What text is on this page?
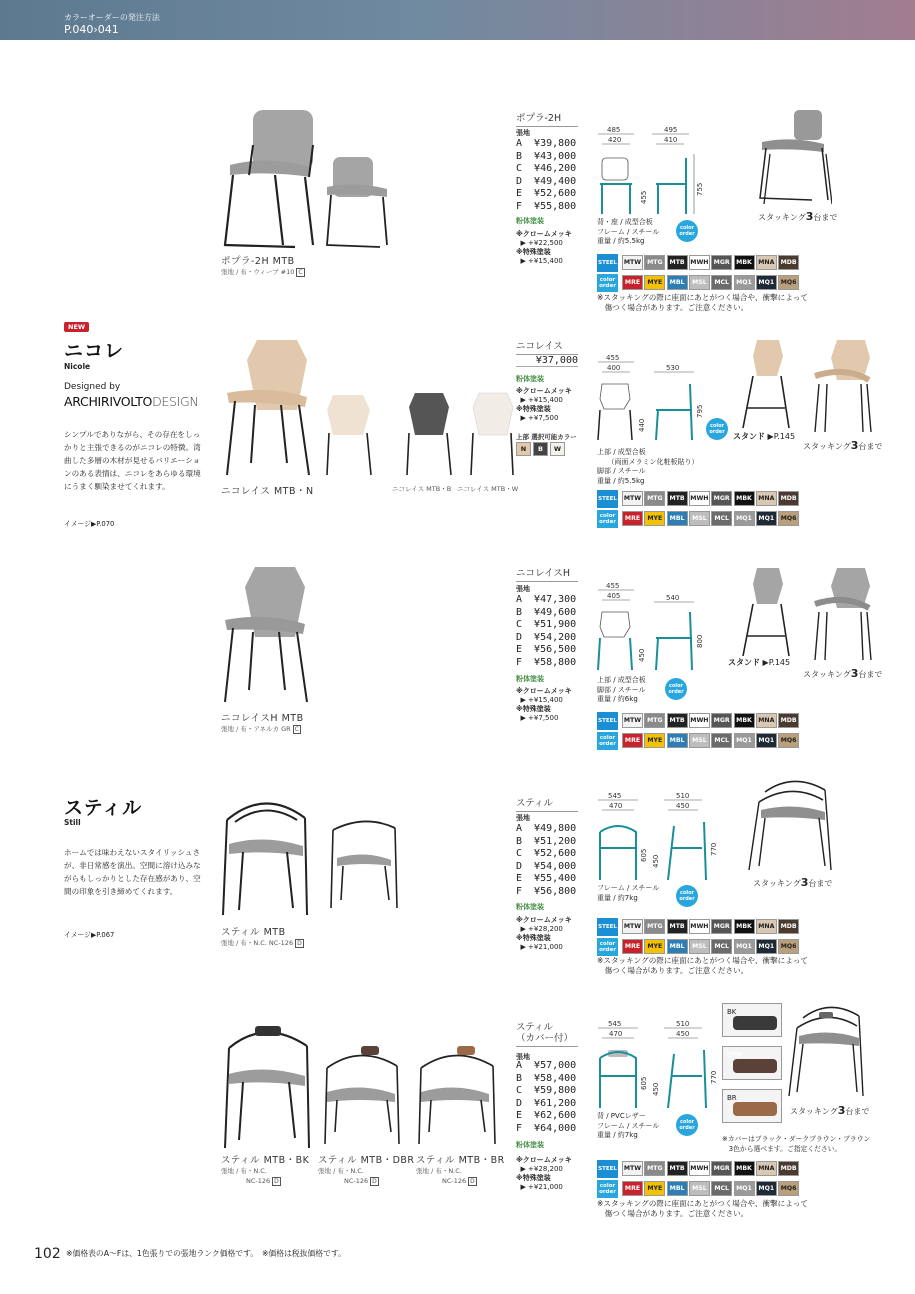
カラーオーダーの発注方法
P.040›041
ポプラ-2H MTB
張地 / 布・ウィーブ #10 C
ポプラ-2H
張地
A  ¥39,800
B  ¥43,000
C  ¥46,200
D  ¥49,400
E  ¥52,600
F  ¥55,800
粉体塗装
※クロームメッキ
▶ +¥22,500
※特殊塗装
▶ +¥15,400
485
420
495
410
455
755
color order
背・座 / 成型合板
フレーム / スチール
重量 / 約5.5kg
スタッキング3台まで
STEEL
color order
MTW MTG	MTB MWH MGR	MBK	MNA	MDB
MRE	MYE	MBL	MSL	MCL	MQ1	MQ1	MQ6
※スタッキングの際に座面にあとがつく場合や、衝撃によって
　傷つく場合があります。ご注意ください。
NEW
ニコレ
Nicole
Designed by
ARCHIRIVOLTODESIGN
シンプルでありながら、その存在をしっかりと主張できるのがニコレの特徴。湾曲した多層の木材が見せるバリエーションのある表情は、ニコレをあらゆる環境にうまく馴染ませてくれます。
イメージ▶P.070
ニコレイス MTB・N	ニコレイス MTB・B ニコレイス MTB・W
ニコレイス
¥37,000
粉体塗装
※クロームメッキ
▶ +¥15,400
※特殊塗装
▶ +¥7,500
上部 選択可能カラー
N	B	W
455
400	530
440
795
color order
上部 / 成型合板
　　（両面メラミン化粧板貼り）
脚部 / スチール
重量 / 約5.5kg
スタンド ▶P.145
スタッキング3台まで
STEEL
color order
MTW MTG	MTB MWH MGR	MBK	MNA	MDB
MRE	MYE	MBL	MSL	MCL	MQ1	MQ1	MQ6
ニコレイスH MTB
張地 / 布・アネルカ GR C
ニコレイスH
張地
A  ¥47,300
B  ¥49,600
C  ¥51,900
D  ¥54,200
E  ¥56,500
F  ¥58,800
粉体塗装
※クロームメッキ
▶ +¥15,400
※特殊塗装
▶ +¥7,500
455
405	540
450
800
color order
上部 / 成型合板
脚部 / スチール
重量 / 約6kg
スタンド ▶P.145
スタッキング3台まで
STEEL
color order
MTW MTG	MTB MWH MGR	MBK	MNA	MDB
MRE	MYE	MBL	MSL	MCL	MQ1	MQ1	MQ6
スティル
Still
ホームでは味わえないスタイリッシュさが、非日常感を演出。空間に溶け込みながらもしっかりとした存在感があり、空間の印象を引き締めてくれます。
イメージ▶P.067	スティル MTB
張地 / 布・N.C. NC-126 D
スティル
張地
A  ¥49,800
B  ¥51,200
C  ¥52,600
D  ¥54,000
E  ¥55,400
F  ¥56,800
粉体塗装
※クロームメッキ
▶ +¥28,200
※特殊塗装
▶ +¥21,000
545
470
510
450
605 450
770
color order
フレーム / スチール
重量 / 約7kg
スタッキング3台まで
STEEL
color order
MTW MTG	MTB MWH MGR	MBK	MNA	MDB
MRE	MYE	MBL	MSL	MCL	MQ1	MQ1	MQ6
※スタッキングの際に座面にあとがつく場合や、衝撃によって
　傷つく場合があります。ご注意ください。
スティル MTB・BK スティル MTB・DBR スティル MTB・BR
張地 / 布・N.C.
NC-126 D
張地 / 布・N.C.
NC-126 D
張地 / 布・N.C.
NC-126 D
スティル
（カバー付）
張地
A  ¥57,000
B  ¥58,400
C  ¥59,800
D  ¥61,200
E  ¥62,600
F  ¥64,000
粉体塗装
※クロームメッキ
▶ +¥28,200
※特殊塗装
▶ +¥21,000
545
470
510
450
605 450
770
color order
背 / PVCレザー
フレーム / スチール
重量 / 約7kg
BK
DBR
BR
※カバーはブラック・ダークブラウン・ブラウン
　3色から選べます。ご指定ください。
スタッキング3台まで
STEEL
color order
MTW MTG	MTB MWH MGR	MBK	MNA	MDB
MRE	MYE	MBL	MSL	MCL	MQ1	MQ1	MQ6
※スタッキングの際に座面にあとがつく場合や、衝撃によって
　傷つく場合があります。ご注意ください。
102 ※価格表のA～Fは、1色張りでの張地ランク価格です。　※価格は税抜価格です。
